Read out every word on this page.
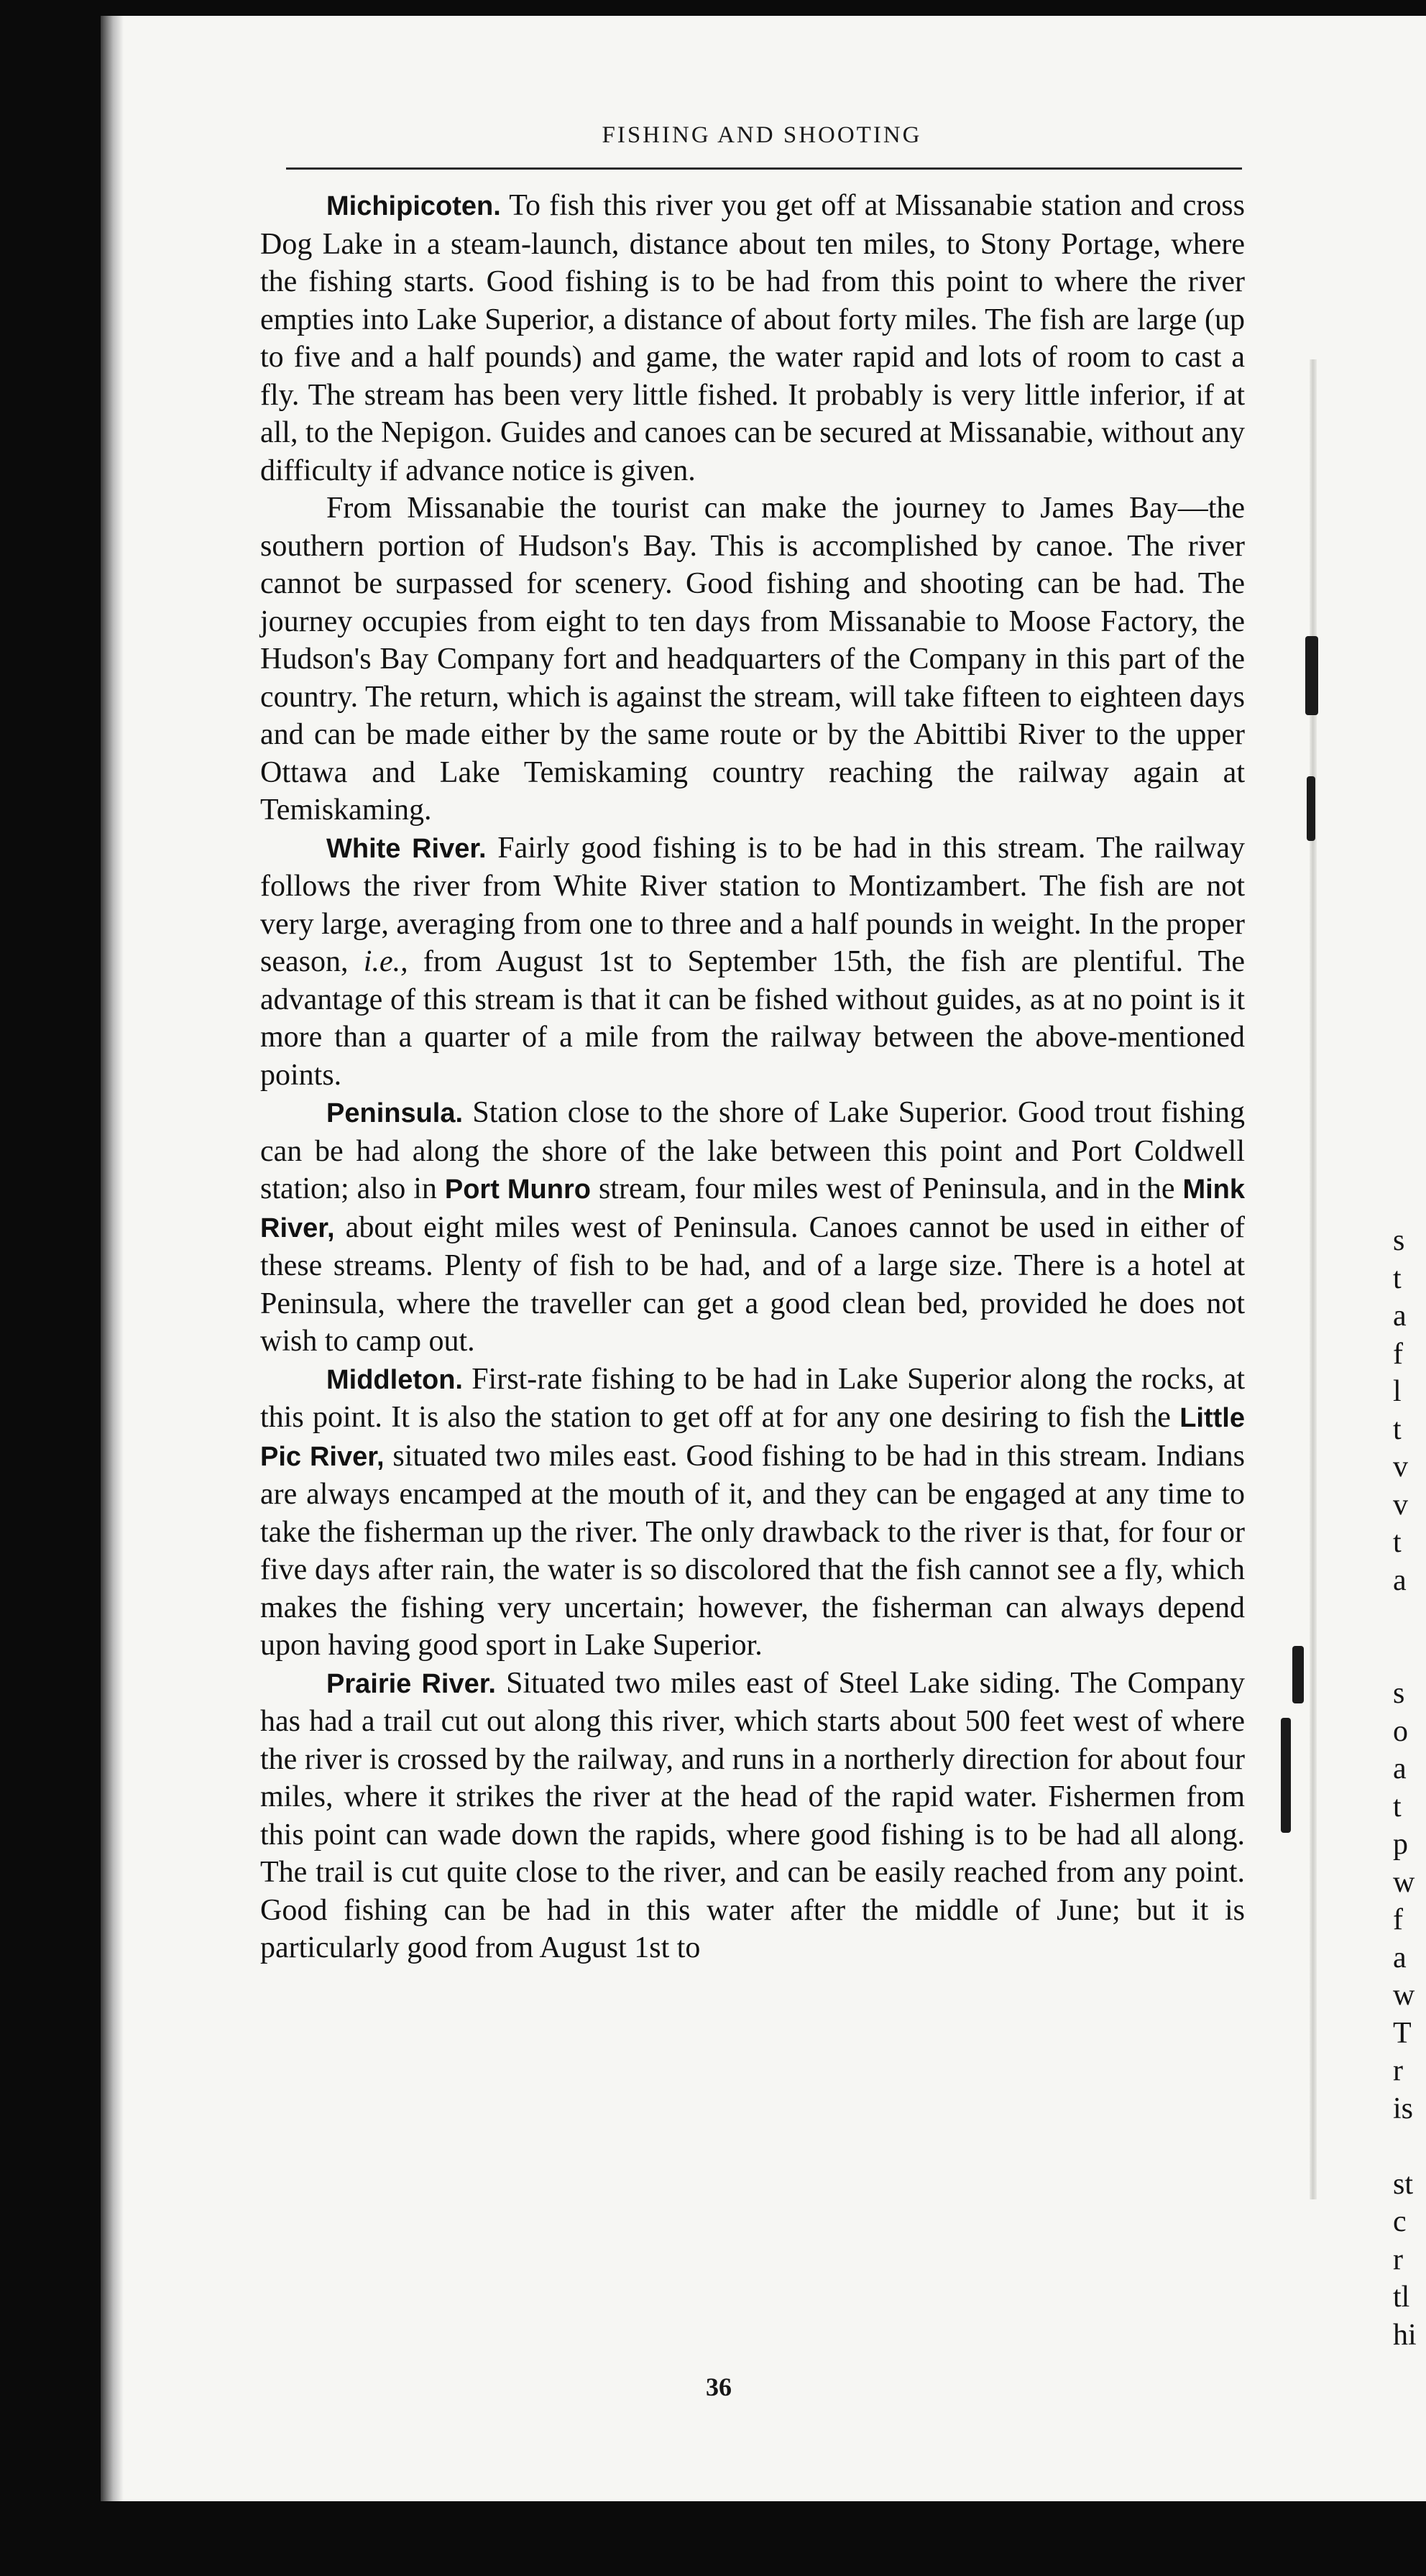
FISHING AND SHOOTING

Michipicoten. To fish this river you get off at Missanabie station and cross Dog Lake in a steam-launch, distance about ten miles, to Stony Portage, where the fishing starts. Good fishing is to be had from this point to where the river empties into Lake Superior, a distance of about forty miles. The fish are large (up to five and a half pounds) and game, the water rapid and lots of room to cast a fly. The stream has been very little fished. It probably is very little inferior, if at all, to the Nepigon. Guides and canoes can be secured at Missanabie, without any difficulty if advance notice is given.

From Missanabie the tourist can make the journey to James Bay—the southern portion of Hudson's Bay. This is accomplished by canoe. The river cannot be surpassed for scenery. Good fishing and shooting can be had. The journey occupies from eight to ten days from Missanabie to Moose Factory, the Hudson's Bay Company fort and headquarters of the Company in this part of the country. The return, which is against the stream, will take fifteen to eighteen days and can be made either by the same route or by the Abittibi River to the upper Ottawa and Lake Temiskaming country reaching the railway again at Temiskaming.

White River. Fairly good fishing is to be had in this stream. The railway follows the river from White River station to Montizambert. The fish are not very large, averaging from one to three and a half pounds in weight. In the proper season, i.e., from August 1st to September 15th, the fish are plentiful. The advantage of this stream is that it can be fished without guides, as at no point is it more than a quarter of a mile from the railway between the above-mentioned points.

Peninsula. Station close to the shore of Lake Superior. Good trout fishing can be had along the shore of the lake between this point and Port Coldwell station; also in Port Munro stream, four miles west of Peninsula, and in the Mink River, about eight miles west of Peninsula. Canoes cannot be used in either of these streams. Plenty of fish to be had, and of a large size. There is a hotel at Peninsula, where the traveller can get a good clean bed, provided he does not wish to camp out.

Middleton. First-rate fishing to be had in Lake Superior along the rocks, at this point. It is also the station to get off at for any one desiring to fish the Little Pic River, situated two miles east. Good fishing to be had in this stream. Indians are always encamped at the mouth of it, and they can be engaged at any time to take the fisherman up the river. The only drawback to the river is that, for four or five days after rain, the water is so discolored that the fish cannot see a fly, which makes the fishing very uncertain; however, the fisherman can always depend upon having good sport in Lake Superior.

Prairie River. Situated two miles east of Steel Lake siding. The Company has had a trail cut out along this river, which starts about 500 feet west of where the river is crossed by the railway, and runs in a northerly direction for about four miles, where it strikes the river at the head of the rapid water. Fishermen from this point can wade down the rapids, where good fishing is to be had all along. The trail is cut quite close to the river, and can be easily reached from any point. Good fishing can be had in this water after the middle of June; but it is particularly good from August 1st to

36
s
t
a
f
l
t
v
v
t
a
s
o
a
t
p
w
f
a
w
T
r
is
st
c
r
tl
hi
